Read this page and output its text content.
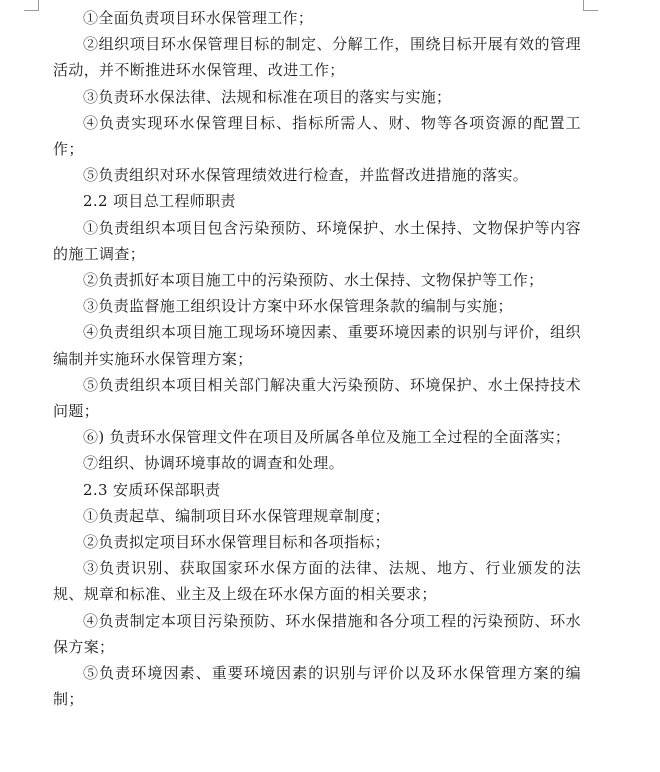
①全面负责项目环水保管理工作；

②组织项目环水保管理目标的制定、分解工作，围绕目标开展有效的管理活动，并不断推进环水保管理、改进工作；

③负责环水保法律、法规和标准在项目的落实与实施；

④负责实现环水保管理目标、指标所需人、财、物等各项资源的配置工作；

⑤负责组织对环水保管理绩效进行检查，并监督改进措施的落实。

2.2 项目总工程师职责

①负责组织本项目包含污染预防、环境保护、水土保持、文物保护等内容的施工调查；

②负责抓好本项目施工中的污染预防、水土保持、文物保护等工作；

③负责监督施工组织设计方案中环水保管理条款的编制与实施；

④负责组织本项目施工现场环境因素、重要环境因素的识别与评价，组织编制并实施环水保管理方案；

⑤负责组织本项目相关部门解决重大污染预防、环境保护、水土保持技术问题；

⑥) 负责环水保管理文件在项目及所属各单位及施工全过程的全面落实；

⑦组织、协调环境事故的调查和处理。

2.3 安质环保部职责

①负责起草、编制项目环水保管理规章制度；

②负责拟定项目环水保管理目标和各项指标；

③负责识别、获取国家环水保方面的法律、法规、地方、行业颁发的法规、规章和标准、业主及上级在环水保方面的相关要求；

④负责制定本项目污染预防、环水保措施和各分项工程的污染预防、环水保方案；

⑤负责环境因素、重要环境因素的识别与评价以及环水保管理方案的编制；
